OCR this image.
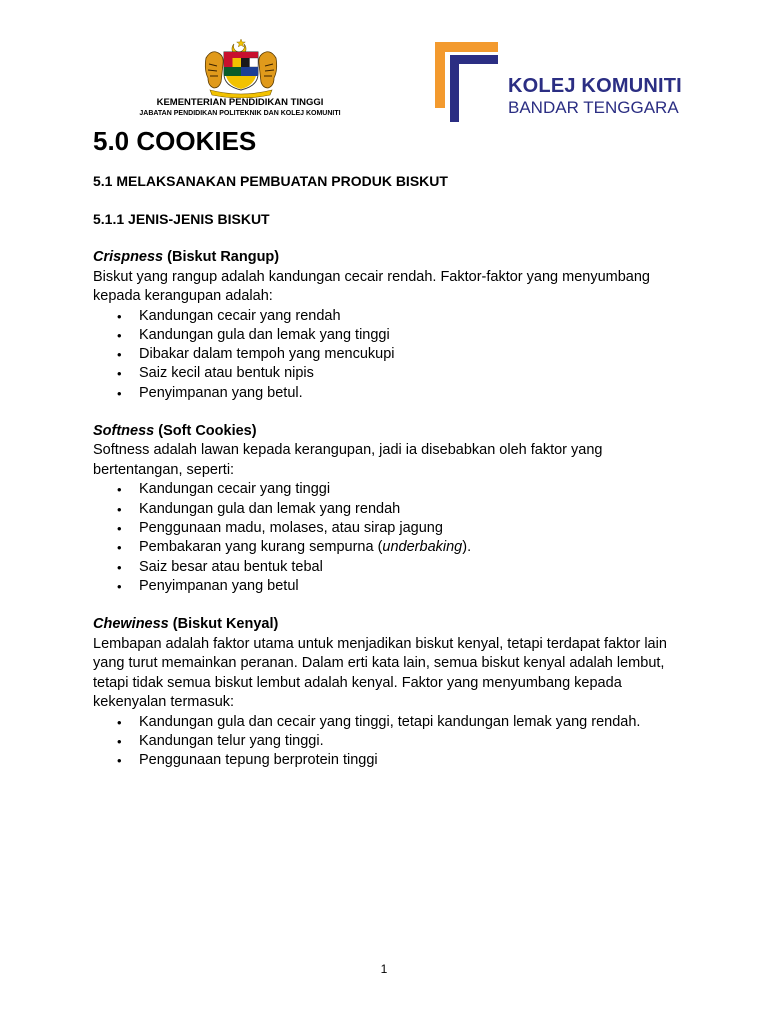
KEMENTERIAN PENDIDIKAN TINGGI
JABATAN PENDIDIKAN POLITEKNIK DAN KOLEJ KOMUNITI
KOLEJ KOMUNITI
BANDAR TENGGARA
5.0 COOKIES
5.1 MELAKSANAKAN PEMBUATAN PRODUK BISKUT
5.1.1 JENIS-JENIS BISKUT
Crispness (Biskut Rangup)

Biskut yang rangup adalah kandungan cecair rendah. Faktor-faktor yang menyumbang kepada kerangupan adalah:

• Kandungan cecair yang rendah
• Kandungan gula dan lemak yang tinggi
• Dibakar dalam tempoh yang mencukupi
• Saiz kecil atau bentuk nipis
• Penyimpanan yang betul.
Softness (Soft Cookies)

Softness adalah lawan kepada kerangupan, jadi ia disebabkan oleh faktor yang bertentangan, seperti:

• Kandungan cecair yang tinggi
• Kandungan gula dan lemak yang rendah
• Penggunaan madu, molases, atau sirap jagung
• Pembakaran yang kurang sempurna (underbaking).
• Saiz besar atau bentuk tebal
• Penyimpanan yang betul
Chewiness (Biskut Kenyal)

Lembapan adalah faktor utama untuk menjadikan biskut kenyal, tetapi terdapat faktor lain yang turut memainkan peranan. Dalam erti kata lain, semua biskut kenyal adalah lembut, tetapi tidak semua biskut lembut adalah kenyal. Faktor yang menyumbang kepada kekenyalan termasuk:

• Kandungan gula dan cecair yang tinggi, tetapi kandungan lemak yang rendah.
• Kandungan telur yang tinggi.
• Penggunaan tepung berprotein tinggi
1
